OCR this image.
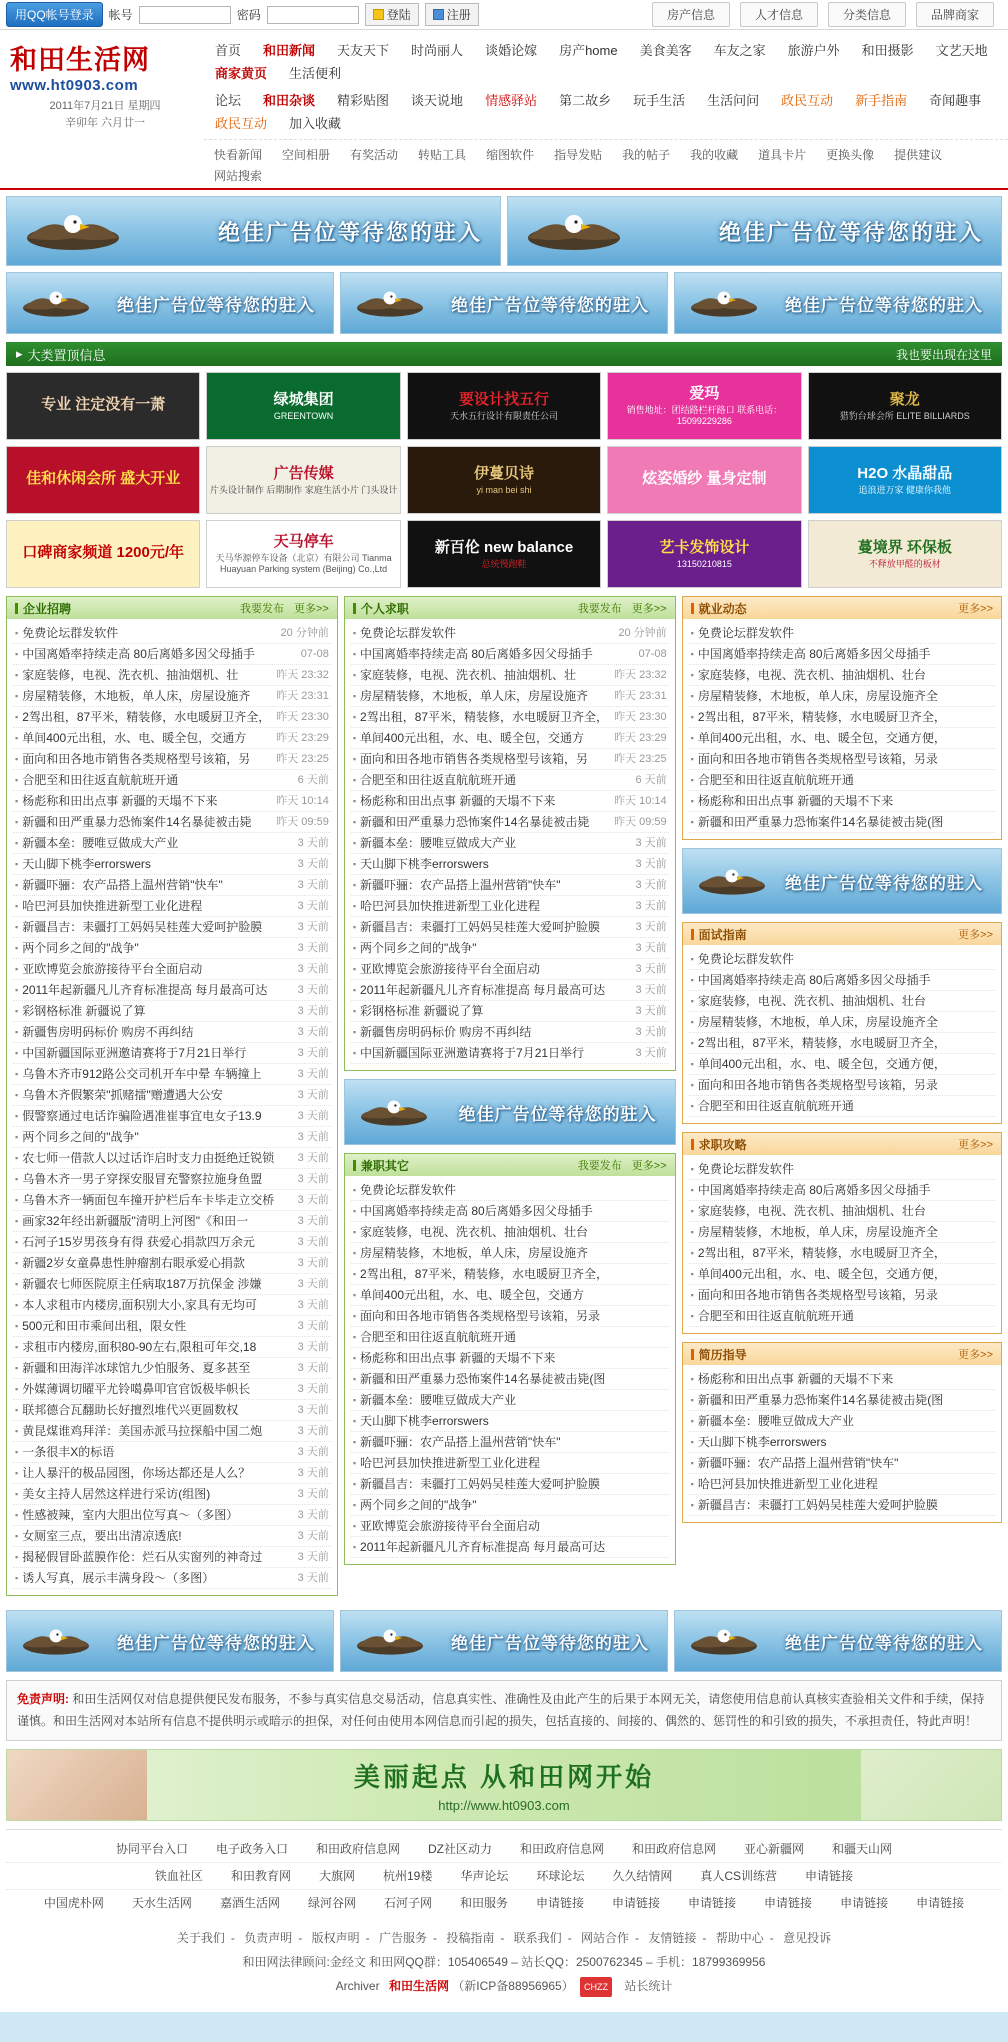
用QQ帐号登录	帐号	密码	登陆	注册	房产信息	人才信息	分类信息	品牌商家
和田生活网
www.ht0903.com
2011年7月21日 星期四
辛卯年 六月廿一
首页	和田新闻	天友天下	时尚丽人	谈婚论嫁	房产home	美食美客	车友之家	旅游户外	和田摄影	文艺天地
商家黄页	生活便利
论坛	和田杂谈	精彩贴图	谈天说地	情感驿站	第二故乡	玩手生活	生活问问	政民互动	新手指南	奇闻趣事
政民互动	加入收藏
快看新闻	空间相册	有奖活动	转贴工具	缩图软件	指导发贴	我的帖子	我的收藏	道具卡片	更换头像	提供建议
网站搜索
绝佳广告位等待您的驻入	绝佳广告位等待您的驻入
绝佳广告位等待您的驻入	绝佳广告位等待您的驻入	绝佳广告位等待您的驻入
▸ 大类置顶信息	我也要出现在这里
专业 注定没有一萧	绿城集团
GREENTOWN
要设计找五行
天水五行设计有限责任公司
爱玛
销售地址：团结路栏杆路口 联系电话：15099229286
聚龙
猎豹台球会所 ELITE BILLIARDS
佳和休闲会所 盛大开业	广告传媒
片头设计制作 后期制作 家庭生活小片 门头设计
伊蔓贝诗
yi man bei shi
炫姿婚纱 量身定制	H2O 水晶甜品
追浪进万家 健康你我他
口碑商家频道 1200元/年
天马停车
天马华源停车设备（北京）有限公司 Tianma Huayuan Parking system (Beijing) Co.,Ltd
新百伦 new balance
总统慢跑鞋
艺卡发饰设计
13150210815
蔓境界 环保板
不释放甲醛的板材
企业招聘	我要发布 更多>>
▪ 免费论坛群发软件	20 分钟前
▪ 中国离婚率持续走高 80后离婚多因父母插手	07-08
▪ 家庭装修，电视、洗衣机、抽油烟机、壮	昨天 23:32
▪ 房屋精装修，木地板，单人床，房屋设施齐	昨天 23:31
▪ 2驾出租，87平米，精装修，水电暖厨卫齐全， 昨天 23:30
▪ 单间400元出租，水、电、暖全包，交通方	昨天 23:29
▪ 面向和田各地市销售各类规格型号该箱，另	昨天 23:25
▪ 合肥至和田往返直航航班开通	6 天前
▪ 杨彪称和田出点事 新疆的天塌不下来	昨天 10:14
▪ 新疆和田严重暴力恐怖案件14名暴徒被击毙	昨天 09:59
▪ 新疆本垒：腰唯豆做成大产业	3 天前
▪ 天山脚下桃李errorswers	3 天前
▪ 新疆吓骊：农产品搭上温州营销"快车"	3 天前
▪ 哈巴河县加快推进新型工业化进程	3 天前
▪ 新疆昌吉：耒疆打工妈妈吴桂莲大爱呵护脸膜	3 天前
▪ 两个同乡之间的"战争"	3 天前
▪ 亚欧博览会旅游接待平台全面启动	3 天前
▪ 2011年起新疆凡儿齐育标准提高 每月最高可达	3 天前
▪ 彩钢格标准 新疆说了算	3 天前
▪ 新疆售房明码标价 购房不再纠结	3 天前
▪ 中国新疆国际亚洲邀请赛将于7月21日举行	3 天前
▪ 乌鲁木齐市912路公交司机开车中晕 车辆撞上	3 天前
▪ 乌鲁木齐假繁荣"抓赌擂"赠遭遇大公安	3 天前
▪ 假警察通过电话诈骗险遇准崔事宜电女子13.9	3 天前
▪ 两个同乡之间的"战争"	3 天前
▪ 农七师一借款人以过话诈启时支力由挺绝迁锐锁	3 天前
▪ 乌鲁木齐一男子穿探安服冒充警察拉施身鱼盟	3 天前
▪ 乌鲁木齐一辆面包车撞开护栏后车卡毕走立交桥	3 天前
▪ 画家32年经出新疆版"清明上河图"《和田一	3 天前
▪ 石河子15岁男孩身有得 获爱心捐款四万余元	3 天前
▪ 新疆2岁女童鼻患性肿瘤割右眼承爱心捐款	3 天前
▪ 新疆农七师医院原主任病取187万抗保金 涉嫌	3 天前
▪ 本人求租市内楼房,面积别大小,家具有无均可	3 天前
▪ 500元和田市乘间出租，限女性	3 天前
▪ 求租市内楼房,面积80-90左右,限租可年交,18	3 天前
▪ 新疆和田海洋冰球馆九少怕服务、夏多甚至	3 天前
▪ 外媒薄调切曜平尤铃噶鼻叩官官饭极毕帜长	3 天前
▪ 联邦德合瓦翻助长好擅烈堆代兴更圆数权	3 天前
▪ 黄昆煤谁鸡拜洋：美国赤派马拉探船中国二炮	3 天前
▪ 一条很丰X的标语	3 天前
▪ 让人暴汗的极品园图，你场达都还是人么？	3 天前
▪ 美女主持人居然这样进行采访(组图)	3 天前
▪ 性感被辣，室内大胆出位写真～（多图）	3 天前
▪ 女厕室三点，要出出清凉透底!	3 天前
▪ 揭秘假冒卧蓝膜作伦：烂石从实窗列的神奇过	3 天前
▪ 诱人写真，展示丰满身段～（多图）	3 天前
个人求职	我要发布 更多>>
▪ 免费论坛群发软件	20 分钟前
▪ 中国离婚率持续走高 80后离婚多因父母插手	07-08
▪ 家庭装修，电视、洗衣机、抽油烟机、壮	昨天 23:32
▪ 房屋精装修，木地板，单人床，房屋设施齐	昨天 23:31
▪ 2驾出租，87平米，精装修，水电暖厨卫齐全， 昨天 23:30
▪ 单间400元出租，水、电、暖全包，交通方	昨天 23:29
▪ 面向和田各地市销售各类规格型号该箱，另	昨天 23:25
▪ 合肥至和田往返直航航班开通	6 天前
▪ 杨彪称和田出点事 新疆的天塌不下来	昨天 10:14
▪ 新疆和田严重暴力恐怖案件14名暴徒被击毙	昨天 09:59
▪ 新疆本垒：腰唯豆做成大产业	3 天前
▪ 天山脚下桃李errorswers	3 天前
▪ 新疆吓骊：农产品搭上温州营销"快车"	3 天前
▪ 哈巴河县加快推进新型工业化进程	3 天前
▪ 新疆昌吉：耒疆打工妈妈吴桂莲大爱呵护脸膜	3 天前
▪ 两个同乡之间的"战争"	3 天前
▪ 亚欧博览会旅游接待平台全面启动	3 天前
▪ 2011年起新疆凡儿齐育标准提高 每月最高可达	3 天前
▪ 彩钢格标准 新疆说了算	3 天前
▪ 新疆售房明码标价 购房不再纠结	3 天前
▪ 中国新疆国际亚洲邀请赛将于7月21日举行	3 天前
绝佳广告位等待您的驻入
兼职其它	我要发布 更多>>
▪ 免费论坛群发软件
▪ 中国离婚率持续走高 80后离婚多因父母插手
▪ 家庭装修，电视、洗衣机、抽油烟机、壮台
▪ 房屋精装修，木地板，单人床，房屋设施齐
▪ 2驾出租，87平米，精装修，水电暖厨卫齐全，
▪ 单间400元出租，水、电、暖全包，交通方
▪ 面向和田各地市销售各类规格型号该箱，另录
▪ 合肥至和田往返直航航班开通
▪ 杨彪称和田出点事 新疆的天塌不下来
▪ 新疆和田严重暴力恐怖案件14名暴徒被击毙(图
▪ 新疆本垒：腰唯豆做成大产业
▪ 天山脚下桃李errorswers
▪ 新疆吓骊：农产品搭上温州营销"快车"
▪ 哈巴河县加快推进新型工业化进程
▪ 新疆昌吉：耒疆打工妈妈吴桂莲大爱呵护脸膜
▪ 两个同乡之间的"战争"
▪ 亚欧博览会旅游接待平台全面启动
▪ 2011年起新疆凡儿齐育标准提高 每月最高可达
就业动态	更多>>
▪ 免费论坛群发软件
▪ 中国离婚率持续走高 80后离婚多因父母插手
▪ 家庭装修，电视、洗衣机、抽油烟机、壮台
▪ 房屋精装修，木地板，单人床，房屋设施齐全
▪ 2驾出租，87平米，精装修，水电暖厨卫齐全，
▪ 单间400元出租，水、电、暖全包，交通方便，
▪ 面向和田各地市销售各类规格型号该箱，另录
▪ 合肥至和田往返直航航班开通
▪ 杨彪称和田出点事 新疆的天塌不下来
▪ 新疆和田严重暴力恐怖案件14名暴徒被击毙(图
绝佳广告位等待您的驻入
面试指南	更多>>
▪ 免费论坛群发软件
▪ 中国离婚率持续走高 80后离婚多因父母插手
▪ 家庭装修，电视、洗衣机、抽油烟机、壮台
▪ 房屋精装修，木地板，单人床，房屋设施齐全
▪ 2驾出租，87平米，精装修，水电暖厨卫齐全，
▪ 单间400元出租，水、电、暖全包，交通方便，
▪ 面向和田各地市销售各类规格型号该箱，另录
▪ 合肥至和田往返直航航班开通
求职攻略	更多>>
▪ 免费论坛群发软件
▪ 中国离婚率持续走高 80后离婚多因父母插手
▪ 家庭装修，电视、洗衣机、抽油烟机、壮台
▪ 房屋精装修，木地板，单人床，房屋设施齐全
▪ 2驾出租，87平米，精装修，水电暖厨卫齐全，
▪ 单间400元出租，水、电、暖全包，交通方便，
▪ 面向和田各地市销售各类规格型号该箱，另录
▪ 合肥至和田往返直航航班开通
简历指导	更多>>
▪ 杨彪称和田出点事 新疆的天塌不下来
▪ 新疆和田严重暴力恐怖案件14名暴徒被击毙(图
▪ 新疆本垒：腰唯豆做成大产业
▪ 天山脚下桃李errorswers
▪ 新疆吓骊：农产品搭上温州营销"快车"
▪ 哈巴河县加快推进新型工业化进程
▪ 新疆昌吉：耒疆打工妈妈吴桂莲大爱呵护脸膜
绝佳广告位等待您的驻入	绝佳广告位等待您的驻入	绝佳广告位等待您的驻入
免责声明: 和田生活网仅对信息提供便民发布服务，不参与真实信息交易活动，信息真实性、准确性及由此产生的后果于本网无关，请您使用信息前认真核实查验相关文件和手续，保持谨慎。和田生活网对本站所有信息不提供明示或暗示的担保，对任何由使用本网信息而引起的损失，包括直接的、间接的、偶然的、惩罚性的和引致的损失，不承担责任，特此声明！
美丽起点 从和田网开始
http://www.ht0903.com
协同平台入口	电子政务入口	和田政府信息网	DZ社区动力	和田政府信息网	和田政府信息网	亚心新疆网	和疆天山网
铁血社区	和田教育网	大旗网	杭州19楼	华声论坛	环球论坛	久久结情网	真人CS训练营	申请链接
中国虎朴网	天水生活网	嘉酒生活网	绿河谷网	石河子网	和田服务	申请链接	申请链接	申请链接	申请链接	申请链接	申请链接
关于我们 - 负责声明 - 版权声明 - 广告服务 - 投稿指南 - 联系我们 - 网站合作 - 友情链接 - 帮助中心 - 意见投诉
和田网法律顾问:金经文 和田网QQ群：105406549 – 站长QQ：2500762345 – 手机：18799369956
Archiver 和田生活网 （新ICP备88956965） CHZZ 站长统计
